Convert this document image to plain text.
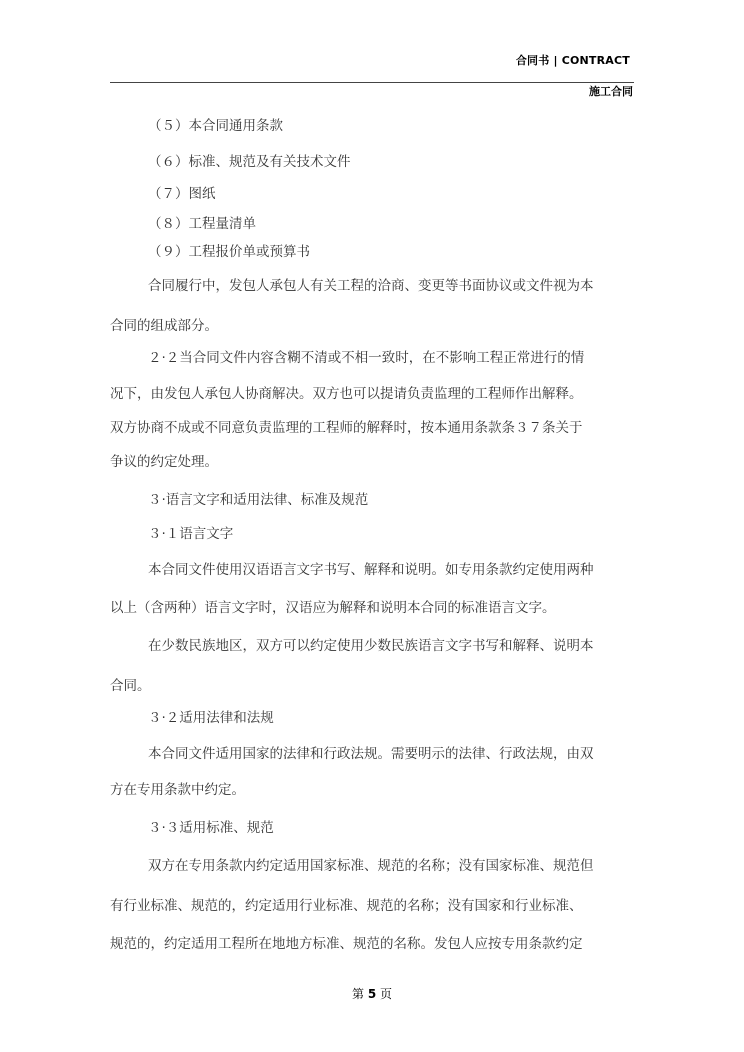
合同书 | CONTRACT
施工合同
（５）本合同通用条款
（６）标准、规范及有关技术文件
（７）图纸
（８）工程量清单
（９）工程报价单或预算书
合同履行中，发包人承包人有关工程的洽商、变更等书面协议或文件视为本
合同的组成部分。
２·２当合同文件内容含糊不清或不相一致时，在不影响工程正常进行的情
况下，由发包人承包人协商解决。双方也可以提请负责监理的工程师作出解释。
双方协商不成或不同意负责监理的工程师的解释时，按本通用条款条３７条关于
争议的约定处理。
３·语言文字和适用法律、标准及规范
３·１语言文字
本合同文件使用汉语语言文字书写、解释和说明。如专用条款约定使用两种
以上（含两种）语言文字时，汉语应为解释和说明本合同的标准语言文字。
在少数民族地区，双方可以约定使用少数民族语言文字书写和解释、说明本
合同。
３·２适用法律和法规
本合同文件适用国家的法律和行政法规。需要明示的法律、行政法规，由双
方在专用条款中约定。
３·３适用标准、规范
双方在专用条款内约定适用国家标准、规范的名称；没有国家标准、规范但
有行业标准、规范的，约定适用行业标准、规范的名称；没有国家和行业标准、
规范的，约定适用工程所在地地方标准、规范的名称。发包人应按专用条款约定
第 5 页
